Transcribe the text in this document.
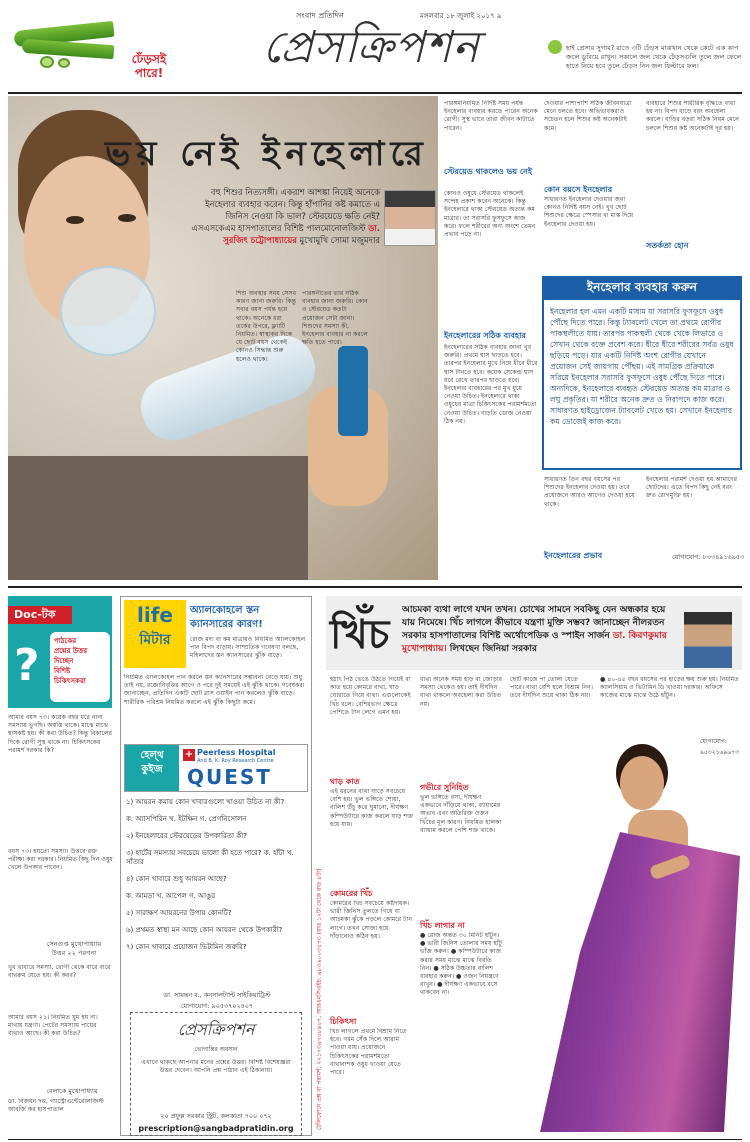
ঢেঁড়সই
পারে!
সংবাদ প্রতিদিন
প্রেসক্রিপশন
মঙ্গলবার ১৮ জুলাই ২০১৭ ৯
হাই প্রেসার সুগার? রাতে ৩টি ঢেঁড়স মাঝখান থেকে কেটে এক কাপ জলে ডুবিয়ে রাখুন। সকালে জল থেকে ঢেঁড়সগুলি তুলে জল ফেলে হাতে নিয়ে হবে তুলে ঢেঁড়স নিন জল ফিল্টারে ফল।
ভয় নেই ইনহেলারে
বহু শিশুর নিত্যসঙ্গী। একরাশ আশঙ্কা নিয়েই অনেকে ইনহেলার ব্যবহার করেন। কিন্তু হাঁপানির কষ্ট কমাতে এ জিনিস নেওয়া কি ভাল? স্টেরয়েডে ক্ষতি নেই? এসএসকেএম হাসপাতালের বিশিষ্ট পালমোনোলজিস্ট ডা. সুরজিৎ চট্টোপাধ্যায়ের মুখোমুখি সোমা মজুমদার
শিশু অবস্থার সময় সেসব কারণ জানা জরুরি। কিন্তু সবার বয়স পর্যন্ত হয়ে থাকে। অনেকে ধরা তর্কের উপরে, ফ্ল্যাটি নিয়মিত। স্বাস্থ্যকর দিকে যে ছোট বয়স থেকেই কোনও সিদ্ধান্ত শুরু হলেও থাকে।
পারঙ্গনীতের তার সঠিক ব্যবহার জানা জরুরি। কোন ও স্টেরয়েড কতটা প্রয়োজন সেটা জানা। শিশুদের সমস্যা কী, ইনহেলার ব্যবহার না করলে ক্ষতি হতে পারে।
পারঙ্গমনিয়মিত নির্দিষ্ট সময় পর্যন্ত ইনহেলার ব্যবহার করতে পারেন অনেক রোগী। সুস্থ ভাবে তারা জীবন কাটাতে পারেন।
স্টেরয়েড থাকলেও ভয় নেই
কোনও ওষুধে স্টেরয়েড থাকলেই সন্দেহ প্রকাশ করেন অনেকে। কিন্তু ইনহেলারে থাকা স্টেরয়েড অত্যন্ত কম মাত্রার। তা সরাসরি ফুসফুসে কাজ করে। ফলে শরীরের অন্য অংশে তেমন প্রভাব পড়ে না।
ইনহেলারের সঠিক ব্যবহার
ইনহেলারের সঠিক ব্যবহার জানা খুব জরুরি। প্রথমে শ্বাস ছাড়তে হবে। তারপর ইনহেলার মুখে নিয়ে ধীরে ধীরে শ্বাস টানতে হবে। কয়েক সেকেন্ড শ্বাস ধরে রেখে তারপর ছাড়তে হবে। ইনহেলার ব্যবহারের পর মুখ ধুয়ে নেওয়া উচিত। ইনহেলারে থাকা ওষুধের মাত্রা চিকিৎসকের পরামর্শমতো নেওয়া উচিত। বাড়তি ডোজ নেওয়া ঠিক নয়।
দেওয়ার পাশাপাশি সঠিক জীবনযাত্রা মেনে চলতে হবে। অভিভাবকরাও সচেতন হলে শিশুর কষ্ট অনেকটাই কমে।
কোন বয়সে ইনহেলার
সাধারণত ইনহেলার দেওয়ার জন্য কোনও নির্দিষ্ট বয়স নেই। খুব ছোট শিশুদের ক্ষেত্রে স্পেসার বা মাস্ক দিয়ে ইনহেলার দেওয়া হয়।
ব্যবহারে শিশুর শারীরিক বৃদ্ধিতে বাধা হয় না। বিপদ বাড়ে বরং অবহেলা করলে। বাড়ির বড়রা সঠিক নিয়ম মেনে চললে শিশুর কষ্ট অনেকটাই দূর হয়।
সতর্কতা হোন
ইনহেলার ব্যবহার করুন
ইনহেলার হল এমন একটি মাধ্যম যা সরাসরি ফুসফুসে ওষুধ পৌঁছে দিতে পারে। কিন্তু ট্যাবলেট খেলে তা প্রথমে রোগীর পাকস্থলীতে যায়। তারপর পাকস্থলী থেকে খেকে লিভারে ও সেখান থেকে রক্তে প্রবেশ করে। ধীরে ধীরে শরীরের সর্বত্র ওষুধ ছড়িয়ে পড়ে। যার একটি নির্দিষ্ট অংশ রোগীর যেখানে প্রয়োজন সেই জায়গায় পৌঁছয়। এই সামগ্রিক প্রক্রিয়াকে সরিয়ে ইনহেলার সরাসরি ফুসফুসে ওষুধ পৌঁছে দিতে পারে। অন্যদিকে, ইনহেলারে ব্যবহৃত স্টেরয়েড অত্যন্ত কম মাত্রার ও লঘু প্রকৃতির। যা শরীরে অনেক দ্রুত ও নিরাপদে কাজ করে। সাধারণত হাইড্রোজেন ট্যাবলেট খেতে হয়। সেখানে ইনহেলার কম ডোজেই কাজ করে।
সাধারণত তিন বছর বয়সের পর শিশুদের ইনহেলার দেওয়া হয়। তবে প্রয়োজনে আরও আগেও দেওয়া হয়ে থাকে।
ইনহেলারের প্রভাব
ইনহেলার পরামর্শ দেওয়া হয় আমাদের ছোটদের। এতে বিপদ কিছু নেই বরং দ্রুত রোগমুক্তি হয়।
যোগাযোগ: ৮৩৩৪৯১৬৯৫৩
Doc-টক
?	পাঠকের
প্রশ্নের উত্তর দিচ্ছেন
বিশিষ্ট
চিকিৎসকরা
আমার বয়স ৭৩। কয়েক বছর ধরে নানা সমস্যায় ভুগছি। অস্বস্তি থাকে। মাঝে মাঝে শ্বাসকষ্ট হয়। কী করা উচিত? কিন্তু বিকালের দিকে রোগী সুস্থ থাকে না। চিকিৎসকের পরামর্শ দরকার কি?
বয়স ৭৩। হয়তো সমস্যা। উত্তরে রক্ত পরীক্ষা করা দরকার। নিয়মিত কিছু দিন ওষুধ খেলে উপকার পাবেন।
সেনগুপ্ত মুখোপাধ্যায়
উত্তর ২২ পরগনা
খুব খাবারে সমস্যা, রোগী থেকে বারে বারে বাথরুম যেতে হয়। কী করব?
আমার বয়স ২১। নিয়মিত ঘুম হয় না। মাথায় যন্ত্রণা। পেটের সমস্যায় পায়ের ব্যথাও আছে। কী করা উচিত?
বেলাকে মুখোপাধ্যায়
ডা. বিজয়ন দত্ত, গ্যাস্ট্রোএন্টেরোলজিস্ট আবর্জি কর হাসপাতাল
life
মিটার
অ্যালকোহলে স্তন
ক্যানসারের কারণ!
রোজ মদ্য বা কম মাত্রায়ও নিয়মিত অ্যালকোহল পান বিপদ বাড়ায়। সাম্প্রতিক গবেষণা বলছে, মহিলাদের স্তন ক্যানসারের ঝুঁকি বাড়ে।
নিয়মিত এ্যালকোহল পান করলে স্তন ক্যানসারের সম্ভাবনা বেড়ে যায়। শুধু তাই নয়, রজোনিবৃত্তির আগে ও পরে দুই সময়েই এই ঝুঁকি থাকে। গবেষকরা জানাচ্ছেন, প্রতিদিন একটি ছোট গ্লাস ওয়াইন পান করলেও ঝুঁকি বাড়ে। শারীরিক পরিশ্রম নিয়মিত করলে এই ঝুঁকি কিছুটা কমে।
হেল্থ কুইজ
+ Peerless Hospital
And B. K. Roy Research Centre
QUEST
১) আয়রন কমায় কোন খাবারগুলো খাওয়া উচিত না কী?
ক. অ্যাসপিরিন খ. ইটক্ষিন গ. প্রেগনিসোলন
২) ইনহেলারের স্টেরয়েডের উপকারিতা কী?
৩) হার্টের সমস্যায় সবচেয়ে ভালো কী হতে পারে? ক. হাঁটা খ. সাঁতার
৪) কোন খাবারে শুধু আয়রন আছে?
ক. আমড়া খ. আপেল গ. আঙুর
৫) সারাক্ষণ আয়রনের উপায় কোনটি?
৬) প্রথমত স্বাস্থ্য মন আছে কোন আয়রন থেকে উপকারী?
৭) কোন খাবারে প্রয়োজন ভিটামিন জরুরি?
ডা. সায়ন্তন ব., কনসালট্যান্ট সাইকিয়াট্রিস্ট
যোগাযোগ: ৯০৫৩৭০২৪০৭
প্রেসক্রিপশন
ভোগান্তির অবসান
এখানে থাকছে আপনার মনের প্রশ্নের উত্তর। বিশিষ্ট বিশেষজ্ঞরা উত্তর দেবেন। আপনি প্রশ্ন পাঠান এই ঠিকানায়।
২০ প্রফুল্ল সরকার স্ট্রিট, কলকাতা ৭০০ ০৭২
prescription@sangbadpratidin.org	টেলিফোনে প্রশ্ন বা পরামর্শ: ২২১৭৩৯৭৪৮৯৪৭, আরএমসিএইচ: ৯৮৩৬০০৩৪৭৩ (রাত ১২টা থেকে রাত ৮টা)
খিঁচ
আচমকা ব্যথা লাগে যখন তখন। চোখের সামনে সবকিছু যেন অন্ধকার হয়ে যায় নিমেষে। খিঁচ লাগলে কীভাবে যন্ত্রণা মুক্তি সম্ভব? জানাচ্ছেন নীলরতন সরকার হাসপাতালের বিশিষ্ট অর্থোপেডিক ও স্পাইন সার্জন ডা. কিরণকুমার মুখোপাধ্যায়। লিখছেন জিনিয়া সরকার
হঠাৎ পিঠ ভেঙে উঠতে গিয়েই বা কাত হয়ে কোমরে ব্যথা, ঘাড় ঘোরাতে গিয়ে ব্যথা। এগুলোকেই খিঁচ বলে। বেশিরভাগ ক্ষেত্রে পেশিতে টান লেগে এমন হয়।
ঘাড় কাত
এই ধরনের ব্যথা ঘাড়ে সবচেয়ে বেশি হয়। ভুল ভঙ্গিতে শোয়া, বালিশ উঁচু করে ঘুমানো, দীর্ঘক্ষণ কম্পিউটারে কাজ করলে ঘাড় শক্ত হয়ে যায়।
কোমরের খিঁচ
কোমরের খিঁচ সবচেয়ে কষ্টদায়ক। ভারী জিনিস তুলতে গিয়ে বা আচমকা ঝুঁকে পড়লে কোমরে টান লাগে। তখন সোজা হয়ে দাঁড়ানোও কঠিন হয়।
চিকিৎসা
খিঁচ লাগলে প্রথমে বিশ্রাম নিতে হবে। গরম সেঁক দিলে আরাম পাওয়া যায়। প্রয়োজনে চিকিৎসকের পরামর্শমতো ব্যথানাশক ওষুধ খাওয়া যেতে পারে।
ব্যথা অনেক সময় হাড় বা জোড়ার সমস্যা থেকেও হয়। তাই দীর্ঘদিন ব্যথা থাকলে অবহেলা করা উচিত নয়।
গভীরে সুনিহিত
ভুল ভঙ্গিতে বসা, দীর্ঘক্ষণ একভাবে দাঁড়িয়ে থাকা, ব্যায়ামের অভাব এবং অতিরিক্ত ওজন খিঁচের মূল কারণ। নিয়মিত হালকা ব্যায়াম করলে পেশি শক্ত থাকে।
খিঁচ লাগার না
● রোজ অন্তত ৩০ মিনিট হাঁটুন। ● ভারী জিনিস তোলার সময় হাঁটু ভাঁজ করুন। ● কম্পিউটারে কাজ করার সময় মাঝে মাঝে বিরতি নিন। ● সঠিক উচ্চতার বালিশ ব্যবহার করুন। ● ওজন নিয়ন্ত্রণে রাখুন। ● দীর্ঘক্ষণ একভাবে বসে থাকবেন না।
ছোট কাজে পা তোলা যেতে পারে। ব্যথা বেশি হলে বিশ্রাম নিন। তবে দীর্ঘদিন শুয়ে থাকা ঠিক নয়।
● ৪০-৪৫ বছর বয়সের পর হাড়ের ক্ষয় শুরু হয়। নিয়মিত ক্যালসিয়াম ও ভিটামিন ডি খাওয়া দরকার। অফিসে কাজের মাঝে মাঝে উঠে হাঁটুন।
যোগাযোগ: ৯৫৩২১৬৯৬৭৩
